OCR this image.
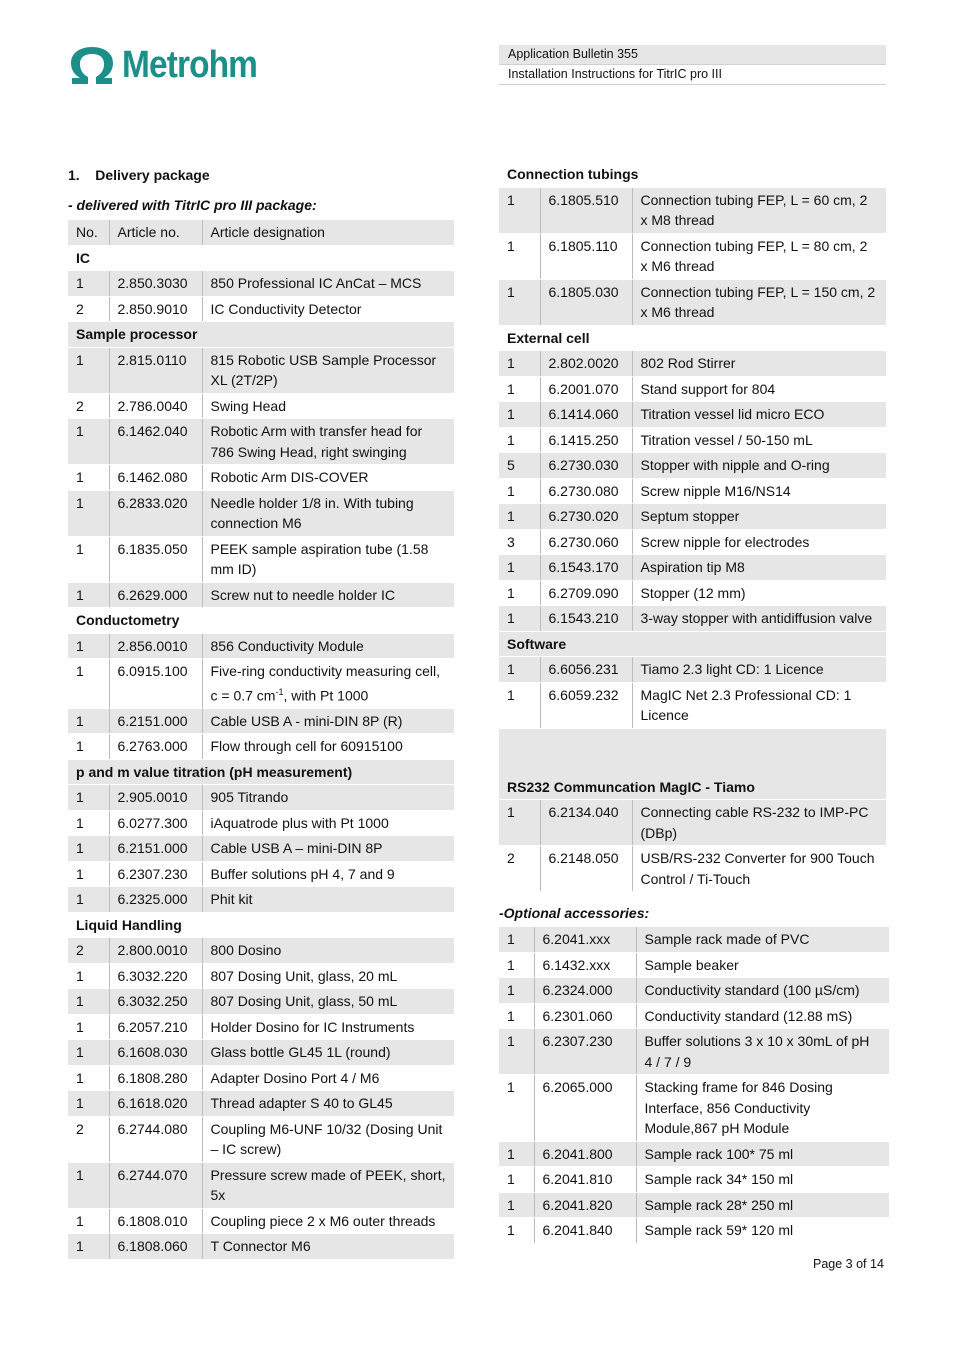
Metrohm	Application Bulletin 355
Installation Instructions for TitrIC pro III
1.    Delivery package
- delivered with TitrIC pro III package:
No.	Article no.	Article designation
IC		
1	2.850.3030	850 Professional IC AnCat – MCS
2	2.850.9010	IC Conductivity Detector
Sample processor		
1	2.815.0110	815 Robotic USB Sample Processor XL (2T/2P)
2	2.786.0040	Swing Head
1	6.1462.040	Robotic Arm with transfer head for 786 Swing Head, right swinging
1	6.1462.080	Robotic Arm DIS-COVER
1	6.2833.020	Needle holder 1/8 in. With tubing connection M6
1	6.1835.050	PEEK sample aspiration tube (1.58 mm ID)
1	6.2629.000	Screw nut to needle holder IC
Conductometry		
1	2.856.0010	856 Conductivity Module
1	6.0915.100	Five-ring conductivity measuring cell, c = 0.7 $cm^{-1}$, with Pt 1000
1	6.2151.000	Cable USB A - mini-DIN 8P (R)
1	6.2763.000	Flow through cell for 60915100
p and m value titration (pH measurement)		
1	2.905.0010	905 Titrando
1	6.0277.300	iAquatrode plus with Pt 1000
1	6.2151.000	Cable USB A – mini-DIN 8P
1	6.2307.230	Buffer solutions pH 4, 7 and 9
1	6.2325.000	Phit kit
Liquid Handling		
2	2.800.0010	800 Dosino
1	6.3032.220	807 Dosing Unit, glass, 20 mL
1	6.3032.250	807 Dosing Unit, glass, 50 mL
1	6.2057.210	Holder Dosino for IC Instruments
1	6.1608.030	Glass bottle GL45 1L (round)
1	6.1808.280	Adapter Dosino Port 4 / M6
1	6.1618.020	Thread adapter S 40 to GL45
2	6.2744.080	Coupling M6-UNF 10/32 (Dosing Unit – IC screw)
1	6.2744.070	Pressure screw made of PEEK, short, 5x
1	6.1808.010	Coupling piece 2 x M6 outer threads
1	6.1808.060	T Connector M6
Connection tubings		
1	6.1805.510	Connection tubing FEP, L = 60 cm, 2 x M8 thread
1	6.1805.110	Connection tubing FEP, L = 80 cm, 2 x M6 thread
1	6.1805.030	Connection tubing FEP, L = 150 cm, 2 x M6 thread
External cell		
1	2.802.0020	802 Rod Stirrer
1	6.2001.070	Stand support for 804
1	6.1414.060	Titration vessel lid micro ECO
1	6.1415.250	Titration vessel / 50-150 mL
5	6.2730.030	Stopper with nipple and O-ring
1	6.2730.080	Screw nipple M16/NS14
1	6.2730.020	Septum stopper
3	6.2730.060	Screw nipple for electrodes
1	6.1543.170	Aspiration tip M8
1	6.2709.090	Stopper (12 mm)
1	6.1543.210	3-way stopper with antidiffusion valve
Software		
1	6.6056.231	Tiamo 2.3 light CD: 1 Licence
1	6.6059.232	MagIC Net 2.3 Professional CD: 1 Licence
RS232 Communcation MagIC - Tiamo		
1	6.2134.040	Connecting cable RS-232 to IMP-PC (DBp)
2	6.2148.050	USB/RS-232 Converter for 900 Touch Control / Ti-Touch
-Optional accessories:
1	6.2041.xxx	Sample rack made of PVC
1	6.1432.xxx	Sample beaker
1	6.2324.000	Conductivity standard (100 µS/cm)
1	6.2301.060	Conductivity standard (12.88 mS)
1	6.2307.230	Buffer solutions 3 x 10 x 30mL of pH 4 / 7 / 9
1	6.2065.000	Stacking frame for 846 Dosing Interface, 856 Conductivity Module,867 pH Module
1	6.2041.800	Sample rack 100* 75 ml
1	6.2041.810	Sample rack 34* 150 ml
1	6.2041.820	Sample rack 28* 250 ml
1	6.2041.840	Sample rack 59* 120 ml
Page 3 of 14
